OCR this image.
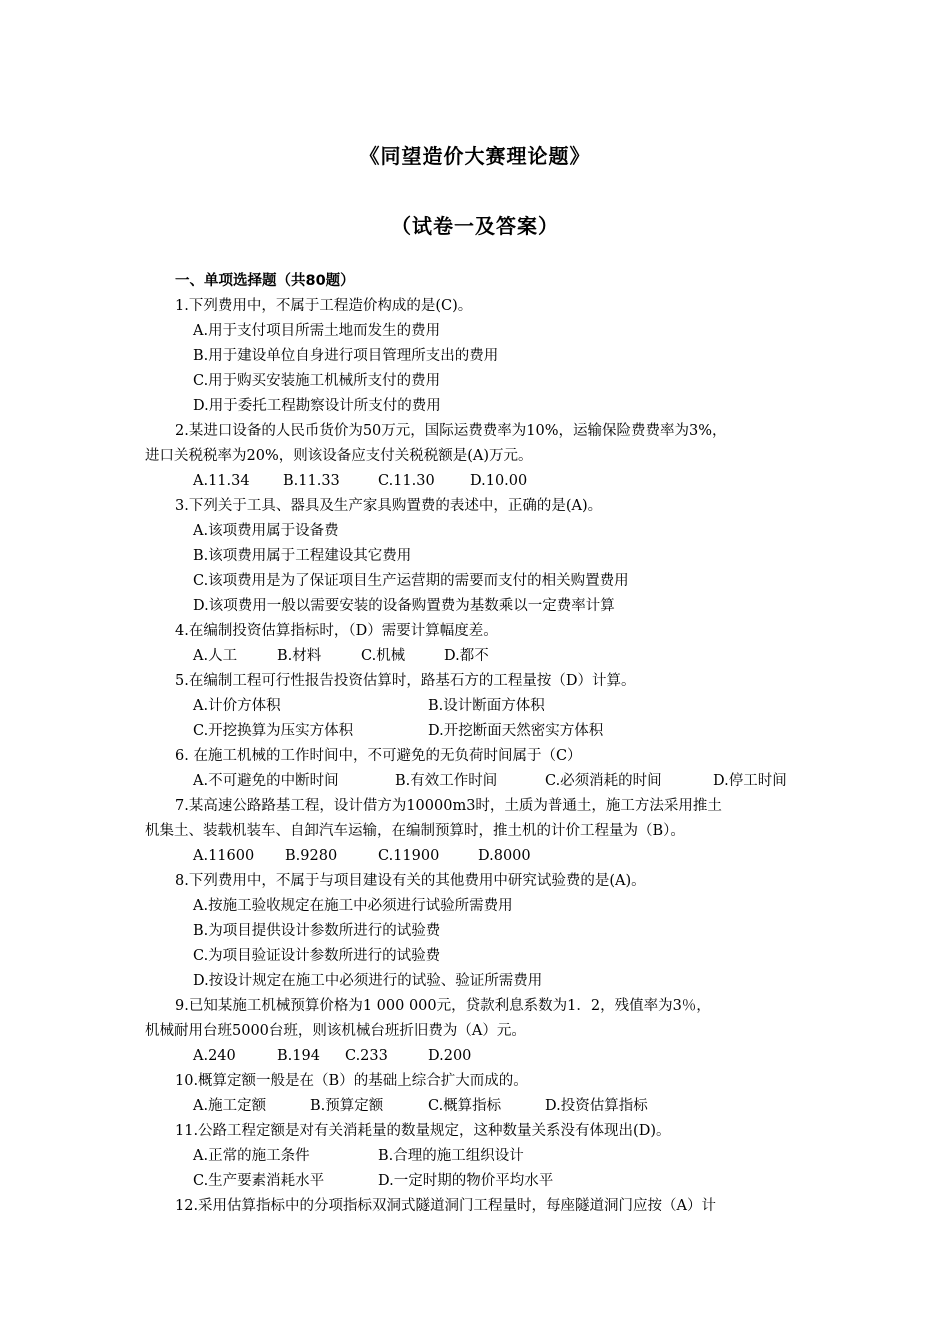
《同望造价大赛理论题》
（试卷一及答案）
一、单项选择题（共80题）
1.下列费用中，不属于工程造价构成的是(C)。
A.用于支付项目所需土地而发生的费用
B.用于建设单位自身进行项目管理所支出的费用
C.用于购买安装施工机械所支付的费用
D.用于委托工程勘察设计所支付的费用
2.某进口设备的人民币货价为50万元，国际运费费率为10%，运输保险费费率为3%，
进口关税税率为20%，则该设备应支付关税税额是(A)万元。
A.11.34 B.11.33	C.11.30 D.10.00
3.下列关于工具、器具及生产家具购置费的表述中，正确的是(A)。
A.该项费用属于设备费
B.该项费用属于工程建设其它费用
C.该项费用是为了保证项目生产运营期的需要而支付的相关购置费用
D.该项费用一般以需要安装的设备购置费为基数乘以一定费率计算
4.在编制投资估算指标时，（D）需要计算幅度差。
A.人工	B.材料	C.机械	D.都不
5.在编制工程可行性报告投资估算时，路基石方的工程量按（D）计算。
A.计价方体积	B.设计断面方体积
C.开挖换算为压实方体积	D.开挖断面天然密实方体积
6. 在施工机械的工作时间中，不可避免的无负荷时间属于（C）
A.不可避免的中断时间	B.有效工作时间	C.必须消耗的时间	D.停工时间
7.某高速公路路基工程，设计借方为10000m3时，土质为普通土，施工方法采用推土
机集土、装载机装车、自卸汽车运输，在编制预算时，推土机的计价工程量为（B）。
A.11600 B.9280	C.11900	D.8000
8.下列费用中，不属于与项目建设有关的其他费用中研究试验费的是(A)。
A.按施工验收规定在施工中必须进行试验所需费用
B.为项目提供设计参数所进行的试验费
C.为项目验证设计参数所进行的试验费
D.按设计规定在施工中必须进行的试验、验证所需费用
9.已知某施工机械预算价格为1 000 000元，贷款利息系数为1．2，残值率为3％，
机械耐用台班5000台班，则该机械台班折旧费为（A）元。
A.240	B.194 C.233	D.200
10.概算定额一般是在（B）的基础上综合扩大而成的。
A.施工定额	B.预算定额	C.概算指标	D.投资估算指标
11.公路工程定额是对有关消耗量的数量规定，这种数量关系没有体现出(D)。
A.正常的施工条件	B.合理的施工组织设计
C.生产要素消耗水平	D.一定时期的物价平均水平
12.采用估算指标中的分项指标双洞式隧道洞门工程量时，每座隧道洞门应按（A）计
